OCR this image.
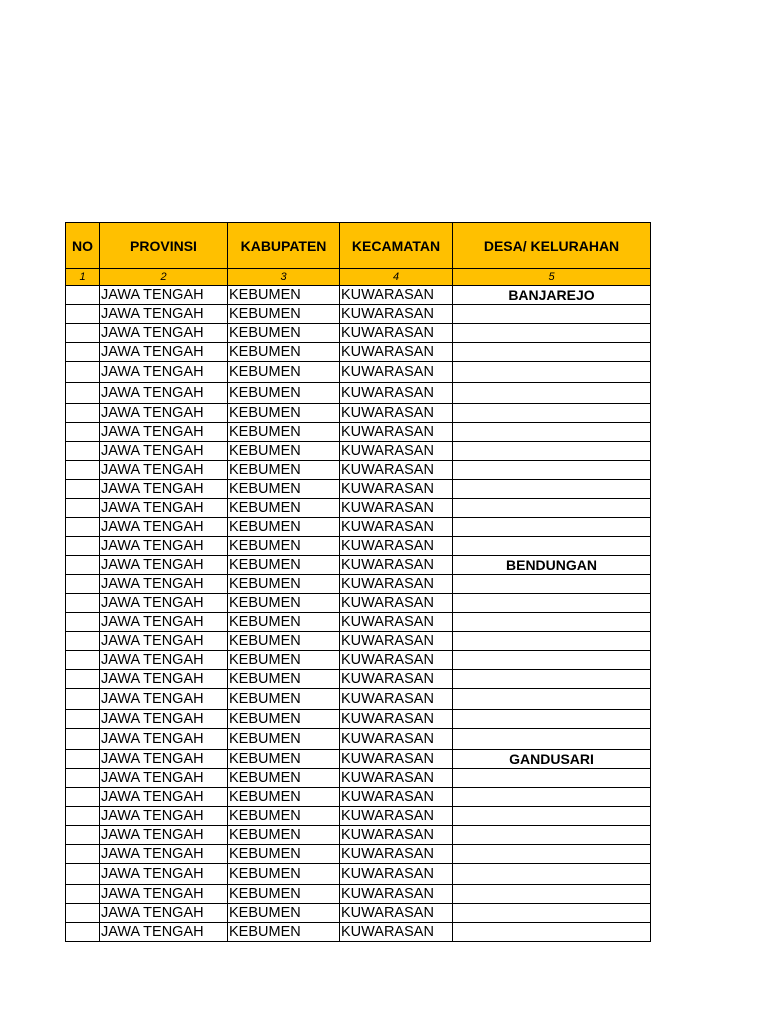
NO	PROVINSI	KABUPATEN	KECAMATAN	DESA/ KELURAHAN
1	2	3	4	5
	JAWA TENGAH	KEBUMEN	KUWARASAN	BANJAREJO
	JAWA TENGAH	KEBUMEN	KUWARASAN	
	JAWA TENGAH	KEBUMEN	KUWARASAN	
	JAWA TENGAH	KEBUMEN	KUWARASAN	
	JAWA TENGAH	KEBUMEN	KUWARASAN	
	JAWA TENGAH	KEBUMEN	KUWARASAN	
	JAWA TENGAH	KEBUMEN	KUWARASAN	
	JAWA TENGAH	KEBUMEN	KUWARASAN	
	JAWA TENGAH	KEBUMEN	KUWARASAN	
	JAWA TENGAH	KEBUMEN	KUWARASAN	
	JAWA TENGAH	KEBUMEN	KUWARASAN	
	JAWA TENGAH	KEBUMEN	KUWARASAN	
	JAWA TENGAH	KEBUMEN	KUWARASAN	
	JAWA TENGAH	KEBUMEN	KUWARASAN	
	JAWA TENGAH	KEBUMEN	KUWARASAN	BENDUNGAN
	JAWA TENGAH	KEBUMEN	KUWARASAN	
	JAWA TENGAH	KEBUMEN	KUWARASAN	
	JAWA TENGAH	KEBUMEN	KUWARASAN	
	JAWA TENGAH	KEBUMEN	KUWARASAN	
	JAWA TENGAH	KEBUMEN	KUWARASAN	
	JAWA TENGAH	KEBUMEN	KUWARASAN	
	JAWA TENGAH	KEBUMEN	KUWARASAN	
	JAWA TENGAH	KEBUMEN	KUWARASAN	
	JAWA TENGAH	KEBUMEN	KUWARASAN	
	JAWA TENGAH	KEBUMEN	KUWARASAN	GANDUSARI
	JAWA TENGAH	KEBUMEN	KUWARASAN	
	JAWA TENGAH	KEBUMEN	KUWARASAN	
	JAWA TENGAH	KEBUMEN	KUWARASAN	
	JAWA TENGAH	KEBUMEN	KUWARASAN	
	JAWA TENGAH	KEBUMEN	KUWARASAN	
	JAWA TENGAH	KEBUMEN	KUWARASAN	
	JAWA TENGAH	KEBUMEN	KUWARASAN	
	JAWA TENGAH	KEBUMEN	KUWARASAN	
	JAWA TENGAH	KEBUMEN	KUWARASAN	
